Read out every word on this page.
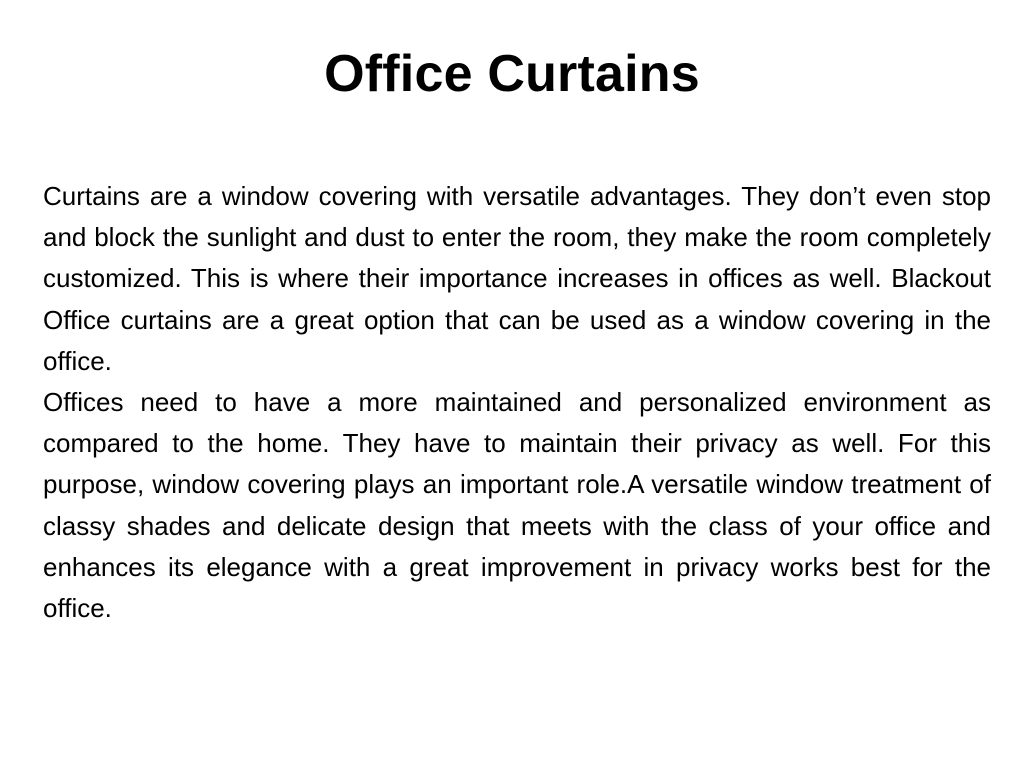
Office Curtains

Curtains are a window covering with versatile advantages. They don’t even stop and block the sunlight and dust to enter the room, they make the room completely customized. This is where their importance increases in offices as well. Blackout Office curtains are a great option that can be used as a window covering in the office.

Offices need to have a more maintained and personalized environment as compared to the home. They have to maintain their privacy as well. For this purpose, window covering plays an important role.A versatile window treatment of classy shades and delicate design that meets with the class of your office and enhances its elegance with a great improvement in privacy works best for the office.
